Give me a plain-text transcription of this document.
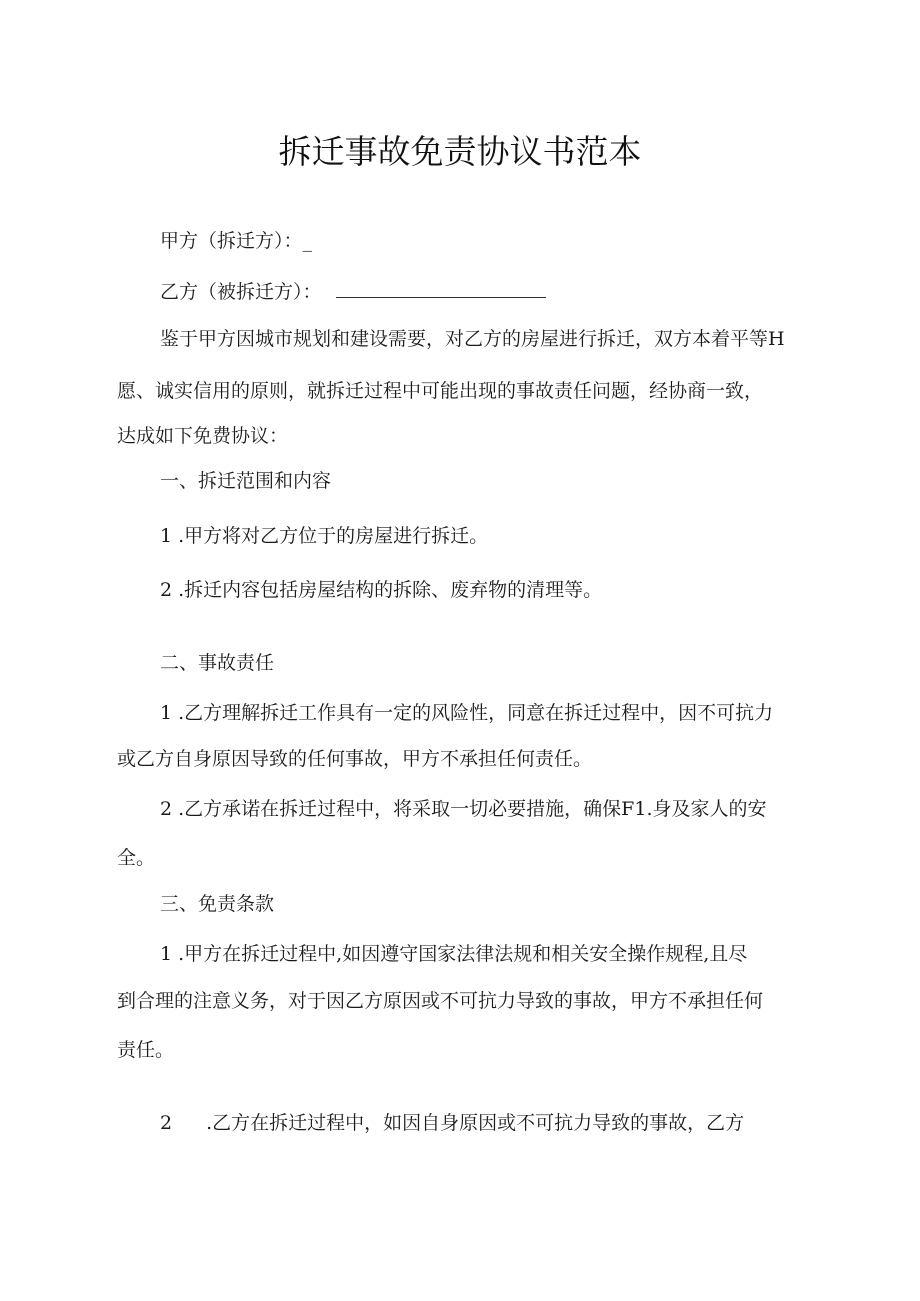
拆迁事故免责协议书范本
甲方（拆迁方）：_
乙方（被拆迁方）：
鉴于甲方因城市规划和建设需要，对乙方的房屋进行拆迁，双方本着平等H
愿、诚实信用的原则，就拆迁过程中可能出现的事故责任问题，经协商一致，
达成如下免费协议：
一、拆迁范围和内容
1 .甲方将对乙方位于的房屋进行拆迁。
2 .拆迁内容包括房屋结构的拆除、废弃物的清理等。
二、事故责任
1 .乙方理解拆迁工作具有一定的风险性，同意在拆迁过程中，因不可抗力
或乙方自身原因导致的任何事故，甲方不承担任何责任。
2 .乙方承诺在拆迁过程中，将采取一切必要措施，确保F1.身及家人的安
全。
三、免责条款
1 .甲方在拆迁过程中,如因遵守国家法律法规和相关安全操作规程,且尽
到合理的注意义务，对于因乙方原因或不可抗力导致的事故，甲方不承担任何
责任。
2 .乙方在拆迁过程中，如因自身原因或不可抗力导致的事故，乙方
